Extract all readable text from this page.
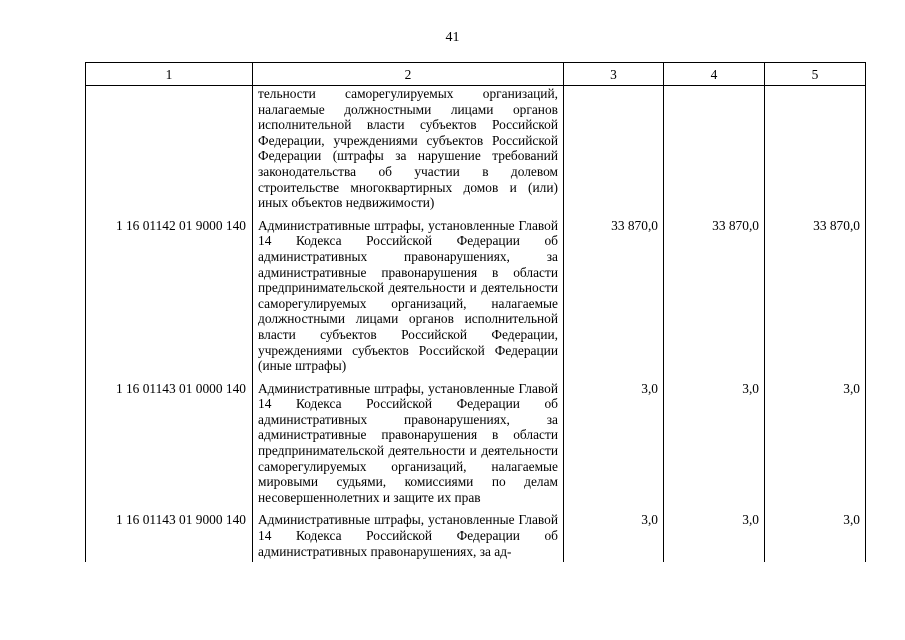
41
1	2	3	4	5
	тельности саморегулируемых организаций, налагаемые должностными лицами органов исполнительной власти субъектов Российской Федерации, учреждениями субъектов Российской Федерации (штрафы за нарушение требований законодательства об участии в долевом строительстве многоквартирных домов и (или) иных объектов недвижимости)			
1 16 01142 01 9000 140	Административные штрафы, установленные Главой 14 Кодекса Российской Федерации об административных правонарушениях, за административные правонарушения в области предпринимательской деятельности и деятельности саморегулируемых организаций, налагаемые должностными лицами органов исполнительной власти субъектов Российской Федерации, учреждениями субъектов Российской Федерации (иные штрафы)	33 870,0	33 870,0	33 870,0
1 16 01143 01 0000 140	Административные штрафы, установленные Главой 14 Кодекса Российской Федерации об административных правонарушениях, за административные правонарушения в области предпринимательской деятельности и деятельности саморегулируемых организаций, налагаемые мировыми судьями, комиссиями по делам несовершеннолетних и защите их прав	3,0	3,0	3,0
1 16 01143 01 9000 140	Административные штрафы, установленные Главой 14 Кодекса Российской Федерации об административных правонарушениях, за ад-	3,0	3,0	3,0
